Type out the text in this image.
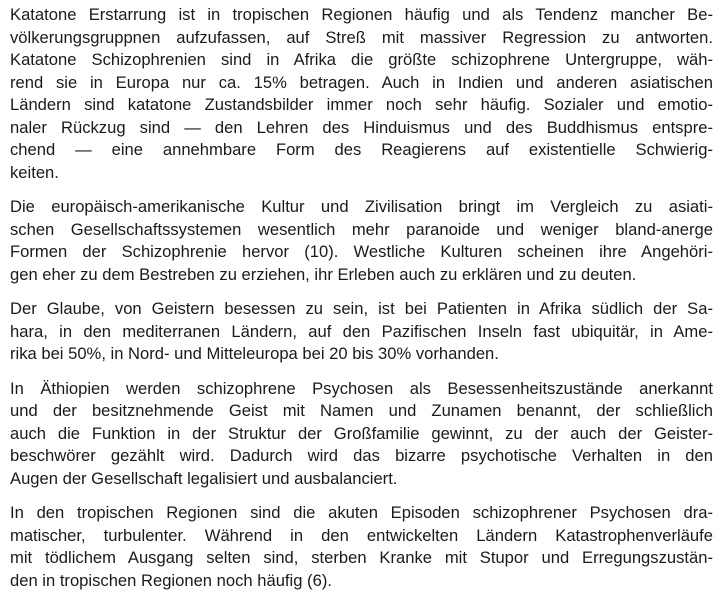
Katatone Erstarrung ist in tropischen Regionen häufig und als Tendenz mancher Be-
völkerungsgruppnen aufzufassen, auf Streß mit massiver Regression zu antworten.
Katatone Schizophrenien sind in Afrika die größte schizophrene Untergruppe, wäh-
rend sie in Europa nur ca. 15% betragen. Auch in Indien und anderen asiatischen
Ländern sind katatone Zustandsbilder immer noch sehr häufig. Sozialer und emotio-
naler Rückzug sind — den Lehren des Hinduismus und des Buddhismus entspre-
chend — eine annehmbare Form des Reagierens auf existentielle Schwierig-
keiten.
Die europäisch-amerikanische Kultur und Zivilisation bringt im Vergleich zu asiati-
schen Gesellschaftssystemen wesentlich mehr paranoide und weniger bland-anerge
Formen der Schizophrenie hervor (10). Westliche Kulturen scheinen ihre Angehöri-
gen eher zu dem Bestreben zu erziehen, ihr Erleben auch zu erklären und zu deuten.
Der Glaube, von Geistern besessen zu sein, ist bei Patienten in Afrika südlich der Sa-
hara, in den mediterranen Ländern, auf den Pazifischen Inseln fast ubiquitär, in Ame-
rika bei 50%, in Nord- und Mitteleuropa bei 20 bis 30% vorhanden.
In Äthiopien werden schizophrene Psychosen als Besessenheitszustände anerkannt
und der besitznehmende Geist mit Namen und Zunamen benannt, der schließlich
auch die Funktion in der Struktur der Großfamilie gewinnt, zu der auch der Geister-
beschwörer gezählt wird. Dadurch wird das bizarre psychotische Verhalten in den
Augen der Gesellschaft legalisiert und ausbalanciert.
In den tropischen Regionen sind die akuten Episoden schizophrener Psychosen dra-
matischer, turbulenter. Während in den entwickelten Ländern Katastrophenverläufe
mit tödlichem Ausgang selten sind, sterben Kranke mit Stupor und Erregungszustän-
den in tropischen Regionen noch häufig (6).
